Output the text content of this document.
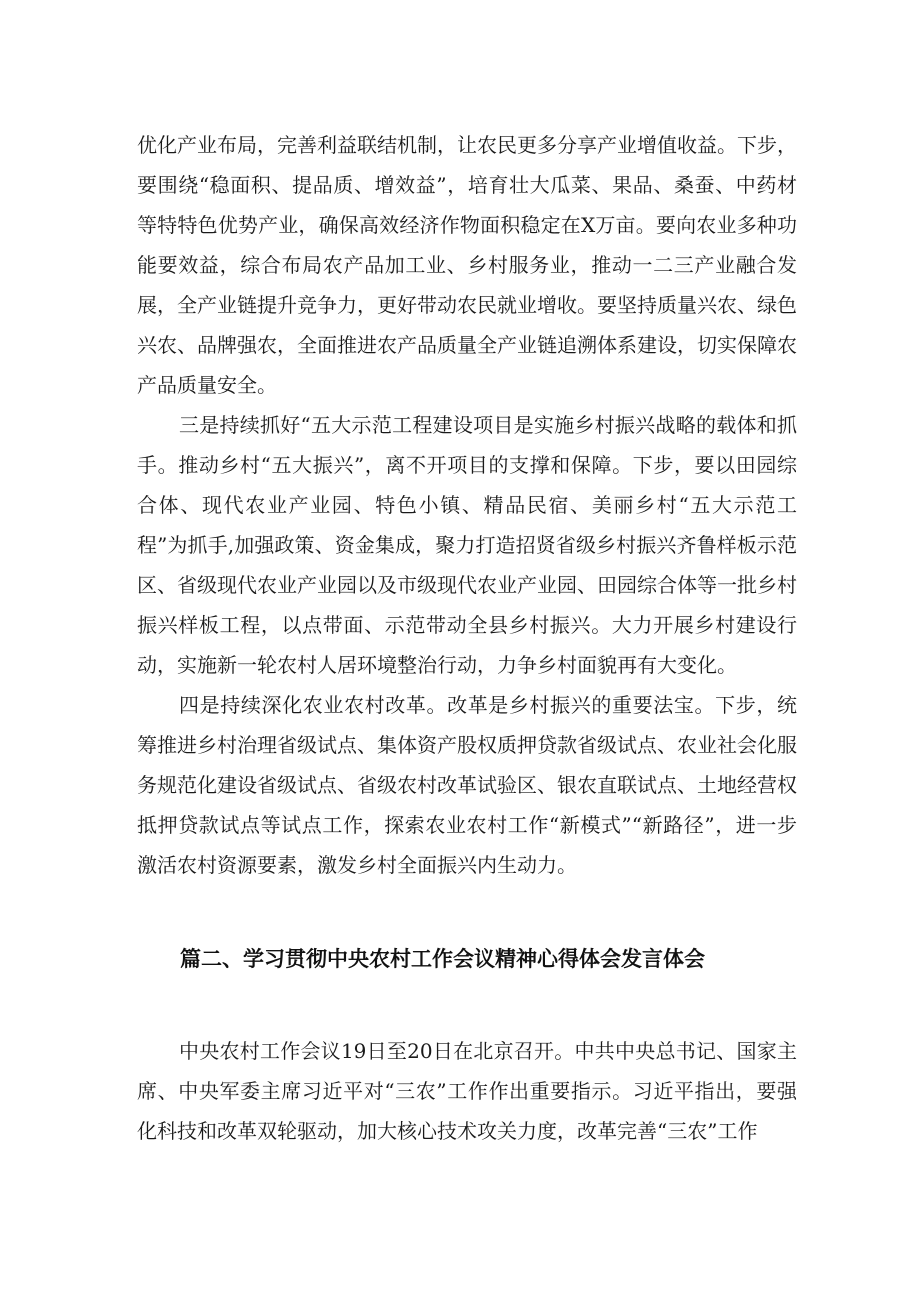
优化产业布局，完善利益联结机制，让农民更多分享产业增值收益。下步，要围绕“稳面积、提品质、增效益”，培育壮大瓜菜、果品、桑蚕、中药材等特特色优势产业，确保高效经济作物面积稳定在X万亩。要向农业多种功能要效益，综合布局农产品加工业、乡村服务业，推动一二三产业融合发展，全产业链提升竞争力，更好带动农民就业增收。要坚持质量兴农、绿色兴农、品牌强农，全面推进农产品质量全产业链追溯体系建设，切实保障农产品质量安全。

三是持续抓好“五大示范工程建设项目是实施乡村振兴战略的载体和抓手。推动乡村“五大振兴”，离不开项目的支撑和保障。下步，要以田园综合体、现代农业产业园、特色小镇、精品民宿、美丽乡村“五大示范工程”为抓手,加强政策、资金集成，聚力打造招贤省级乡村振兴齐鲁样板示范区、省级现代农业产业园以及市级现代农业产业园、田园综合体等一批乡村振兴样板工程，以点带面、示范带动全县乡村振兴。大力开展乡村建设行动，实施新一轮农村人居环境整治行动，力争乡村面貌再有大变化。

四是持续深化农业农村改革。改革是乡村振兴的重要法宝。下步，统筹推进乡村治理省级试点、集体资产股权质押贷款省级试点、农业社会化服务规范化建设省级试点、省级农村改革试验区、银农直联试点、土地经营权抵押贷款试点等试点工作，探索农业农村工作“新模式”“新路径”，进一步激活农村资源要素，激发乡村全面振兴内生动力。

篇二、学习贯彻中央农村工作会议精神心得体会发言体会

中央农村工作会议19日至20日在北京召开。中共中央总书记、国家主席、中央军委主席习近平对“三农”工作作出重要指示。习近平指出，要强化科技和改革双轮驱动，加大核心技术攻关力度，改革完善“三农”工作
